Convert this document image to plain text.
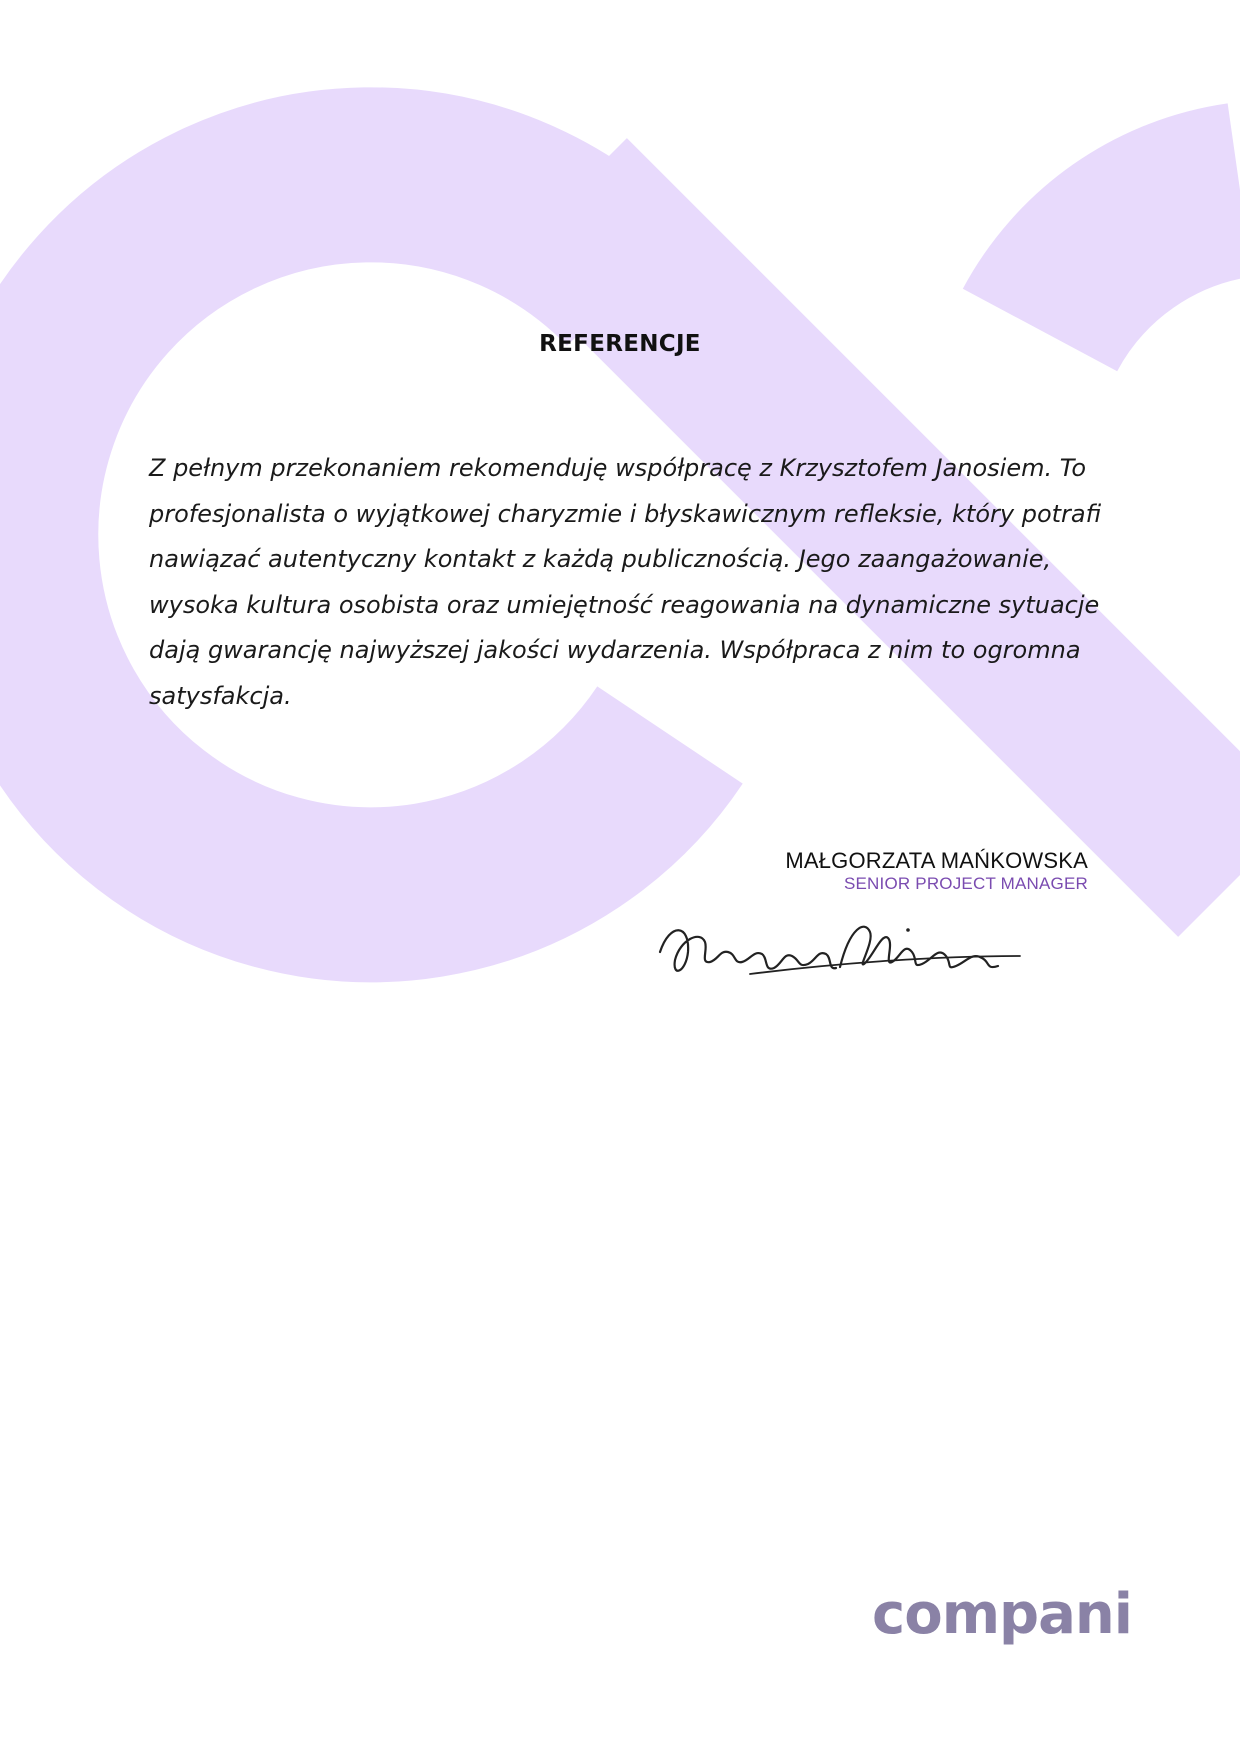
REFERENCJE

Z pełnym przekonaniem rekomenduję współpracę z Krzysztofem Janosiem. To profesjonalista o wyjątkowej charyzmie i błyskawicznym refleksie, który potrafi nawiązać autentyczny kontakt z każdą publicznością. Jego zaangażowanie, wysoka kultura osobista oraz umiejętność reagowania na dynamiczne sytuacje dają gwarancję najwyższej jakości wydarzenia. Współpraca z nim to ogromna satysfakcja.

MAŁGORZATA MAŃKOWSKA
SENIOR PROJECT MANAGER
compani
